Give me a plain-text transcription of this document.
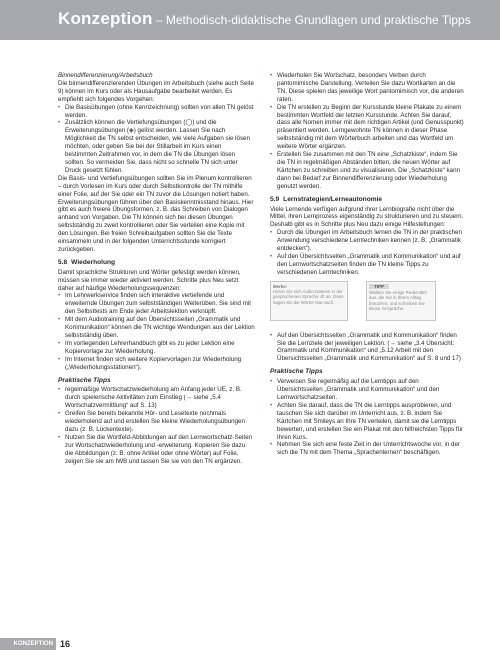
Konzeption – Methodisch-didaktische Grundlagen und praktische Tipps

Binnendifferenzierung/Arbeitsbuch

Die binnendifferenzierenden Übungen im Arbeitsbuch (siehe auch Seite 9) können im Kurs oder als Hausaufgabe bearbeitet werden. Es empfiehlt sich folgendes Vorgehen:

• Die Basisübungen (ohne Kennzeichnung) sollten von allen TN gelöst werden.
• Zusätzlich können die Vertiefungsübungen (◯) und die Erweiterungsübungen (◈) gelöst werden. Lassen Sie nach Möglichkeit die TN selbst entscheiden, wie viele Aufgaben sie lösen möchten, oder geben Sie bei der Stillarbeit im Kurs einen bestimmten Zeitrahmen vor, in dem die TN die Übungen lösen sollten. So vermeiden Sie, dass nicht so schnelle TN sich unter Druck gesetzt fühlen.

Die Basis- und Vertiefungsübungen sollten Sie im Plenum kontrollieren – durch Vorlesen im Kurs oder durch Selbstkontrolle der TN mithilfe einer Folie, auf der Sie oder ein TN zuvor die Lösungen notiert haben. Erweiterungsübungen führen über den Basiskenntnisstand hinaus. Hier gibt es auch freiere Übungsformen, z. B. das Schreiben von Dialogen anhand von Vorgaben. Die TN können sich bei diesen Übungen selbstständig zu zweit kontrollieren oder Sie verteilen eine Kopie mit den Lösungen. Bei freien Schreibaufgaben sollten Sie die Texte einsammeln und in der folgenden Unterrichtsstunde korrigiert zurückgeben.

5.8 Wiederholung

Damit sprachliche Strukturen und Wörter gefestigt werden können, müssen sie immer wieder aktiviert werden. Schritte plus Neu setzt daher auf häufige Wiederholungssequenzen:

• Im Lehrwerkservice finden sich interaktive vertiefende und erweiternde Übungen zum selbstständigen Weiterüben. Sie sind mit den Selbsttests am Ende jeder Arbeitslektion verknüpft.
• Mit dem Audiotraining auf den Übersichtsseiten „Grammatik und Kommunikation“ können die TN wichtige Wendungen aus der Lektion selbstständig üben.
• Im vorliegenden Lehrerhandbuch gibt es zu jeder Lektion eine Kopiervorlage zur Wiederholung.
• Im Internet finden sich weitere Kopiervorlagen zur Wiederholung („Wiederholungsstationen“).
Praktische Tipps
• regelmäßige Wortschatzwiederholung am Anfang jeder UE, z. B. durch spielerische Aktivitäten zum Einstieg (→ siehe „5.4 Wortschatzvermittlung“ auf S. 13)
• Greifen Sie bereits bekannte Hör- und Lesetexte nochmals wiederholend auf und erstellen Sie kleine Wiederholungsübungen dazu (z. B. Lückentexte).
• Nutzen Sie die Wortfeld-Abbildungen auf den Lernwortschatz-Seiten zur Wortschatzwiederholung und -erweiterung. Kopieren Sie dazu die Abbildungen (z. B. ohne Artikel oder ohne Wörter) auf Folie, zeigen Sie sie am IWB und lassen Sie sie von den TN ergänzen.
• Wiederholen Sie Wortschatz, besonders Verben durch pantomimische Darstellung. Verteilen Sie dazu Wortkarten an die TN. Diese spielen das jeweilige Wort pantomimisch vor, die anderen raten.
• Die TN erstellen zu Beginn der Kursstunde kleine Plakate zu einem bestimmten Wortfeld der letzten Kursstunde. Achten Sie darauf, dass alle Nomen immer mit dem richtigen Artikel (und Genusspunkt) präsentiert werden. Lerngewohnte TN können in dieser Phase selbstständig mit dem Wörterbuch arbeiten und das Wortfeld um weitere Wörter ergänzen.
• Erstellen Sie zusammen mit den TN eine „Schatzkiste“, indem Sie die TN in regelmäßigen Abständen bitten, die neuen Wörter auf Kärtchen zu schreiben und zu visualisieren. Die „Schatzkiste“ kann dann bei Bedarf zur Binnendifferenzierung oder Wiederholung genutzt werden.
5.9 Lernstrategien/Lerneautonomie

Viele Lernende verfügen aufgrund ihrer Lernbiografie nicht über die Mittel, ihren Lernprozess eigenständig zu strukturieren und zu steuern. Deshalb gibt es in Schritte plus Neu dazu einige Hilfestellungen:

• Durch die Übungen im Arbeitsbuch lernen die TN in der praktischen Anwendung verschiedene Lerntechniken kennen (z. B. „Grammatik entdecken“).
• Auf den Übersichtsseiten „Grammatik und Kommunikation“ und auf den Lernwortschatzseiten finden die TN kleine Tipps zu verschiedenen Lerntechniken.
Merke:
Hören Sie sich Audio-Dateien in der gesprochenen Sprache oft an. Dann sagen Sie die Wörter laut nach.
TIPP
Wählen Sie einige Redemittel aus, die Sie in Ihrem Alltag brauchen, und schreiben Sie kleine Gespräche.
• Auf den Übersichtsseiten „Grammatik und Kommunikation“ finden Sie die Lernziele der jeweiligen Lektion. (→ siehe „3.4 Übersicht: Grammatik und Kommunikation“ und „5.12 Arbeit mit den Übersichtsseiten „Grammatik und Kommunikation“ auf S. 8 und 17)
Praktische Tipps
• Verweisen Sie regelmäßig auf die Lerntipps auf den Übersichtsseiten „Grammatik und Kommunikation“ und den Lernwortschatzseiten.
• Achten Sie darauf, dass die TN die Lerntipps ausprobieren, und tauschen Sie sich darüber im Unterricht aus, z. B. indem Sie Kärtchen mit Smileys an Ihre TN verteilen, damit sie die Lerntipps bewerten, und erstellen Sie ein Plakat mit den hilfreichsten Tipps für Ihren Kurs.
• Nehmen Sie sich eine feste Zeit in der Unterrichtswoche vor, in der sich die TN mit dem Thema „Sprachenlernen“ beschäftigen.
KONZEPTION 16
